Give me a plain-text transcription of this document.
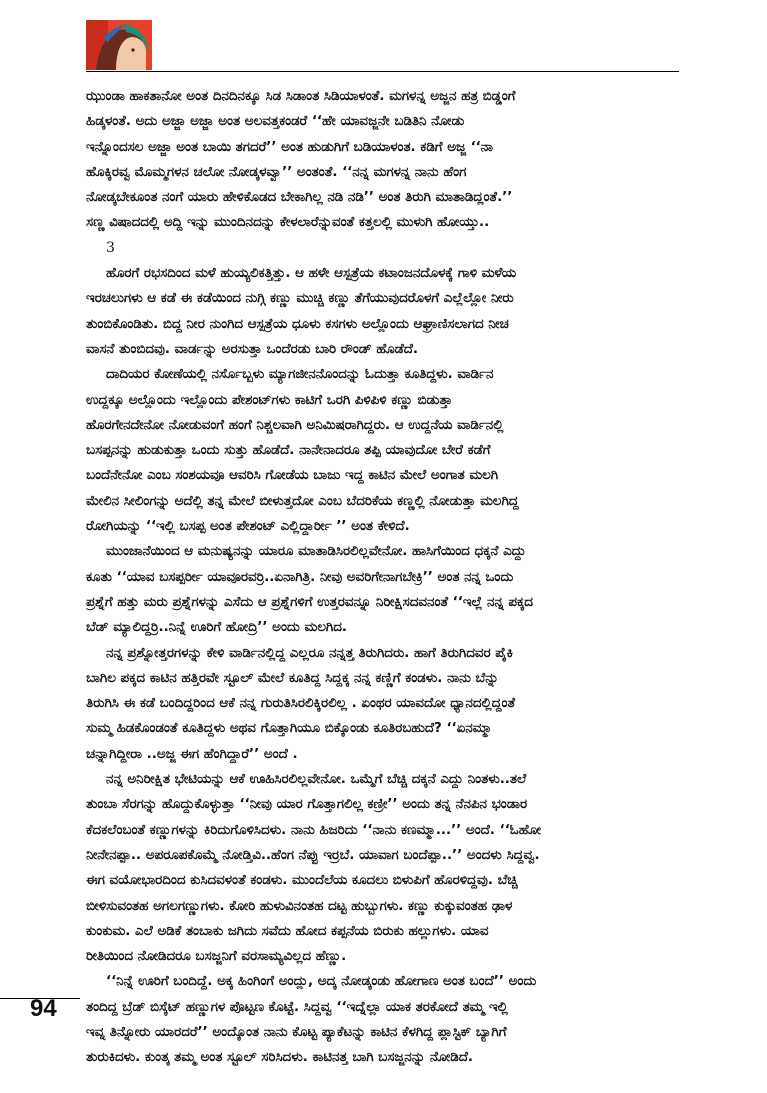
ಝುಂಡಾ ಹಾಕತಾನೋ ಅಂತ ದಿನದಿನಕ್ಕೂ ಸಿಡ ಸಿಡಾಂತ ಸಿಡಿಯಾಳಂತೆ. ಮಗಳನ್ನ ಅಜ್ಜನ ಹತ್ರ ಬಿಡ್ಡಂಗೆ
ಹಿಡ್ಕಳಂತೆ. ಅದು ಅಜ್ಜಾ ಅಜ್ಜಾ ಅಂತ ಅಲವತ್ತಕಂಡರೆ ‘‘ಹೇ ಯಾವಜ್ಜನೇ ಬಡಿತಿನಿ ನೋಡು
ಇನ್ನೊಂದಸಲ ಅಜ್ಜಾ ಅಂತ ಬಾಯಿ ತಗದರೆ’’ ಅಂತ ಹುಡುಗಿಗೆ ಬಡಿಯಾಳಂತ. ಕಡಿಗೆ ಅಜ್ಜ ‘‘ನಾ
ಹೊಕ್ಕಿರವ್ವ ಮೊಮ್ಮಗಳನ ಚಲೋ ನೋಡ್ಕಳವ್ವಾ’’ ಅಂತಂತೆ. ‘‘ನನ್ನ ಮಗಳನ್ನ ನಾನು ಹೆಂಗ
ನೋಡ್ಕಬೇಕೂಂತ ನಂಗೆ ಯಾರು ಹೇಳಿಕೊಡದ ಬೇಕಾಗಿಲ್ಲ ನಡಿ ನಡಿ’’ ಅಂತ ತಿರುಗಿ ಮಾತಾಡಿದ್ಲಂತೆ.’’
ಸಣ್ಣ ವಿಷಾದದಲ್ಲಿ ಅದ್ದಿ ಇನ್ನು ಮುಂದಿನದನ್ನು ಕೇಳಲಾರೆನ್ನುವಂತೆ ಕತ್ತಲಲ್ಲಿ ಮುಳುಗಿ ಹೋಯ್ತು..
3
ಹೊರಗೆ ರಭಸದಿಂದ ಮಳೆ ಹುಯ್ಯಲಿಕತ್ತಿತ್ತು. ಆ ಹಳೇ ಆಸ್ಪತ್ರೆಯ ಕಟಾಂಜನದೊಳಕ್ಕೆ ಗಾಳಿ ಮಳೆಯ
ಇರಚಲುಗಳು ಆ ಕಡೆ ಈ ಕಡೆಯಿಂದ ನುಗ್ಗಿ ಕಣ್ಣು ಮುಚ್ಚಿ ಕಣ್ಣು ತೆಗೆಯುವುದರೊಳಗೆ ಎಲ್ಲೆಲ್ಲೋ ನೀರು
ತುಂಬಿಕೊಂಡಿತು. ಬಿದ್ದ ನೀರ ನುಂಗಿದ ಆಸ್ಪತ್ರೆಯ ಧೂಳು ಕಸಗಳು ಅಲ್ಲೊಂದು ಆಘ್ರಾಣಿಸಲಾಗದ ನೀಚ
ವಾಸನೆ ತುಂಬಿದವು. ವಾರ್ಡನ್ನು ಅರಸುತ್ತಾ ಒಂದೆರಡು ಬಾರಿ ರೌಂಡ್ ಹೊಡೆದೆ.
ದಾದಿಯರ ಕೋಣೆಯಲ್ಲಿ ನರ್ಸೊಬ್ಬಳು ಮ್ಯಾಗಜೀನನೊಂದನ್ನು ಓದುತ್ತಾ ಕೂತಿದ್ದಳು. ವಾರ್ಡಿನ
ಉದ್ದಕ್ಕೂ ಅಲ್ಲೊಂದು ಇಲ್ಲೊಂದು ಪೇಶಂಟ್‌ಗಳು ಕಾಟಿಗೆ ಒರಗಿ ಪಿಳಿಪಿಳಿ ಕಣ್ಣು ಬಿಡುತ್ತಾ
ಹೊರಗೇನದೇನೋ ನೋಡುವಂಗೆ ಹಂಗೆ ನಿಶ್ಚಲವಾಗಿ ಅನಿಮಿಷರಾಗಿದ್ದರು. ಆ ಉದ್ದನೆಯ ವಾರ್ಡಿನಲ್ಲಿ
ಬಸಪ್ಪನನ್ನು ಹುಡುಕುತ್ತಾ ಒಂದು ಸುತ್ತು ಹೊಡೆದೆ. ನಾನೇನಾದರೂ ತಪ್ಪಿ ಯಾವುದೋ ಬೇರೆ ಕಡೆಗೆ
ಬಂದೆನೇನೋ ಎಂಬ ಸಂಶಯವೂ ಆವರಿಸಿ ಗೋಡೆಯ ಬಾಜು ಇದ್ದ ಕಾಟಿನ ಮೇಲೆ ಅಂಗಾತ ಮಲಗಿ
ಮೇಲಿನ ಸೀಲಿಂಗನ್ನು ಅದೆಲ್ಲಿ ತನ್ನ ಮೇಲೆ ಬೀಳುತ್ತದೋ ಎಂಬ ಬೆದರಿಕೆಯ ಕಣ್ಣಲ್ಲಿ ನೋಡುತ್ತಾ ಮಲಗಿದ್ದ
ರೋಗಿಯನ್ನು ‘‘ಇಲ್ಲಿ ಬಸಪ್ಪ ಅಂತ ಪೇಶಂಟ್ ಎಲ್ಲಿದ್ದಾರ್ರೀ ’’ ಅಂತ ಕೇಳಿದೆ.
ಮುಂಜಾನೆಯಿಂದ ಆ ಮನುಷ್ಯನನ್ನು ಯಾರೂ ಮಾತಾಡಿಸಿರಲಿಲ್ಲವೇನೋ. ಹಾಸಿಗೆಯಿಂದ ಧಕ್ಕನೆ ಎದ್ದು
ಕೂತು ‘‘ಯಾವ ಬಸಪ್ಪರ್ರೀ ಯಾವೂರವರ್ರಿ..ಏನಾಗಿತ್ರಿ. ನೀವು ಅವರಿಗೇನಾಗಬೇಕ್ರಿ’’ ಅಂತ ನನ್ನ ಒಂದು
ಪ್ರಶ್ನೆಗೆ ಹತ್ತು ಮರು ಪ್ರಶ್ನೆಗಳನ್ನು ಎಸೆದು ಆ ಪ್ರಶ್ನೆಗಳಿಗೆ ಉತ್ತರವನ್ನೂ ನಿರೀಕ್ಷಿಸದವನಂತೆ ‘‘ಇಲ್ಲೆ ನನ್ನ ಪಕ್ಕದ
ಬೆಡ್ ಮ್ಯಾಲಿದ್ದರ್ರಿ..ನಿನ್ನೆ ಊರಿಗೆ ಹೋದ್ರಿ’’ ಅಂದು ಮಲಗಿದ.
ನನ್ನ ಪ್ರಶ್ನೋತ್ತರಗಳನ್ನು ಕೇಳಿ ವಾರ್ಡಿನಲ್ಲಿದ್ದ ಎಲ್ಲರೂ ನನ್ನತ್ತ ತಿರುಗಿದರು. ಹಾಗೆ ತಿರುಗಿದವರ ಪೈಕಿ
ಬಾಗಿಲ ಪಕ್ಕದ ಕಾಟಿನ ಹತ್ತಿರವೇ ಸ್ಟೂಲ್ ಮೇಲೆ ಕೂತಿದ್ದ ಸಿದ್ದಕ್ಕ ನನ್ನ ಕಣ್ಣಿಗೆ ಕಂಡಳು. ನಾನು ಬೆನ್ನು
ತಿರುಗಿಸಿ ಈ ಕಡೆ ಬಂದಿದ್ದರಿಂದ ಆಕೆ ನನ್ನ ಗುರುತಿಸಿರಲಿಕ್ಕಿರಲಿಲ್ಲ . ಏಂಥರ ಯಾವದೋ ಧ್ಯಾನದಲ್ಲಿದ್ದಂತೆ
ಸುಮ್ಮ ಹಿಡಕೊಂಡಂತೆ ಕೂತಿದ್ದಳು ಅಥವ ಗೊತ್ತಾಗಿಯೂ ಬಿಕ್ಕೊಂಡು ಕೂತಿರಬಹುದೆ? ‘‘ಏನಮ್ಮಾ
ಚನ್ನಾಗಿದ್ದೀರಾ ..ಅಜ್ಜ ಈಗ ಹೆಂಗಿದ್ದಾರೆ’’ ಅಂದೆ .
ನನ್ನ ಅನಿರೀಕ್ಷಿತ ಭೇಟಿಯನ್ನು ಆಕೆ ಊಹಿಸಿರಲಿಲ್ಲವೇನೋ. ಒಮ್ಮೆಗೆ ಬೆಚ್ಚಿ ದಕ್ಕನೆ ಎದ್ದು ನಿಂತಳು..ತಲೆ
ತುಂಬಾ ಸೆರಗನ್ನು ಹೊದ್ದುಕೊಳ್ಳುತ್ತಾ ‘‘ನೀವು ಯಾರ ಗೊತ್ತಾಗಲಿಲ್ಲ ಕಣ್ರೀ’’ ಅಂದು ತನ್ನ ನೆನಪಿನ ಭಂಡಾರ
ಕೆದಕಲೆಂಬಂತೆ ಕಣ್ಣುಗಳನ್ನು ಕಿರಿದುಗೊಳಿಸಿದಳು. ನಾನು ಹಿಜರಿದು ‘‘ನಾನು ಕಣಮ್ಮಾ...’’ ಅಂದೆ. ‘‘ಓಹೋ
ನೀನೇನಪ್ಪಾ.. ಅಪರೂಪಕೊಮ್ಮೆ ನೋಡ್ತಿವಿ..ಹೆಂಗ ನೆಪ್ಪು ಇರ್ರಬೆ. ಯಾವಾಗ ಬಂದೆಪ್ಪಾ..’’ ಅಂದಳು ಸಿದ್ದವ್ವ.
ಈಗ ವಯೋಭಾರದಿಂದ ಕುಸಿದವಳಂತೆ ಕಂಡಳು. ಮುಂದೆಲೆಯ ಕೂದಲು ಬಿಳುಪಿಗೆ ಹೊರಳಿದ್ದವು. ಬೆಚ್ಚಿ
ಬೀಳಿಸುವಂತಹ ಅಗಲಗಣ್ಣುಗಳು. ಕೋರಿ ಹುಳುವಿನಂತಹ ದಟ್ಟ ಹುಬ್ಬುಗಳು. ಕಣ್ಣು ಕುಕ್ಕುವಂತಹ ಢಾಳ
ಕುಂಕುಮ. ಎಲೆ ಅಡಿಕೆ ತಂಬಾಕು ಜಗಿದು ಸವೆದು ಹೋದ ಕಪ್ಪನೆಯ ಬಿರುಕು ಹಲ್ಲುಗಳು. ಯಾವ
ರೀತಿಯಿಂದ ನೋಡಿದರೂ ಬಸಜ್ಜನಿಗೆ ವರಸಾಮ್ಯವಿಲ್ಲದ ಹೆಣ್ಣು.
‘‘ನಿನ್ನೆ ಊರಿಗೆ ಬಂದಿದ್ದೆ. ಅಕ್ಕ ಹಿಂಗಿಂಗೆ ಅಂದ್ಲು, ಅದ್ಕ ನೋಡ್ಕಂಡು ಹೋಗಾಣ ಅಂತ ಬಂದೆ’’ ಅಂದು
ತಂದಿದ್ದ ಬ್ರೆಡ್ ಬಿಸ್ಕೆಟ್ ಹಣ್ಣುಗಳ ಪೊಟ್ಟಣ ಕೊಟ್ಟೆ. ಸಿದ್ದವ್ವ ‘‘ಇದ್ನೆಲ್ಲಾ ಯಾಕ ತರಕೋದೆ ತಮ್ಮ ಇಲ್ಲಿ
ಇವ್ನ ತಿನ್ನೋರು ಯಾರದರೆ’’ ಅಂದ್ಕೊಂತ ನಾನು ಕೊಟ್ಟ ಪ್ಯಾಕೆಟನ್ನು ಕಾಟಿನ ಕೆಳಗಿದ್ದ ಪ್ಲಾಸ್ಟಿಕ್ ಬ್ಯಾಗಿಗೆ
ತುರುಕಿದಳು. ಕುಂತ್ಕ ತಮ್ಮ ಅಂತ ಸ್ಟೂಲ್ ಸರಿಸಿದಳು. ಕಾಟಿನತ್ತ ಬಾಗಿ ಬಸಜ್ಜನನ್ನು ನೋಡಿದೆ.
94
